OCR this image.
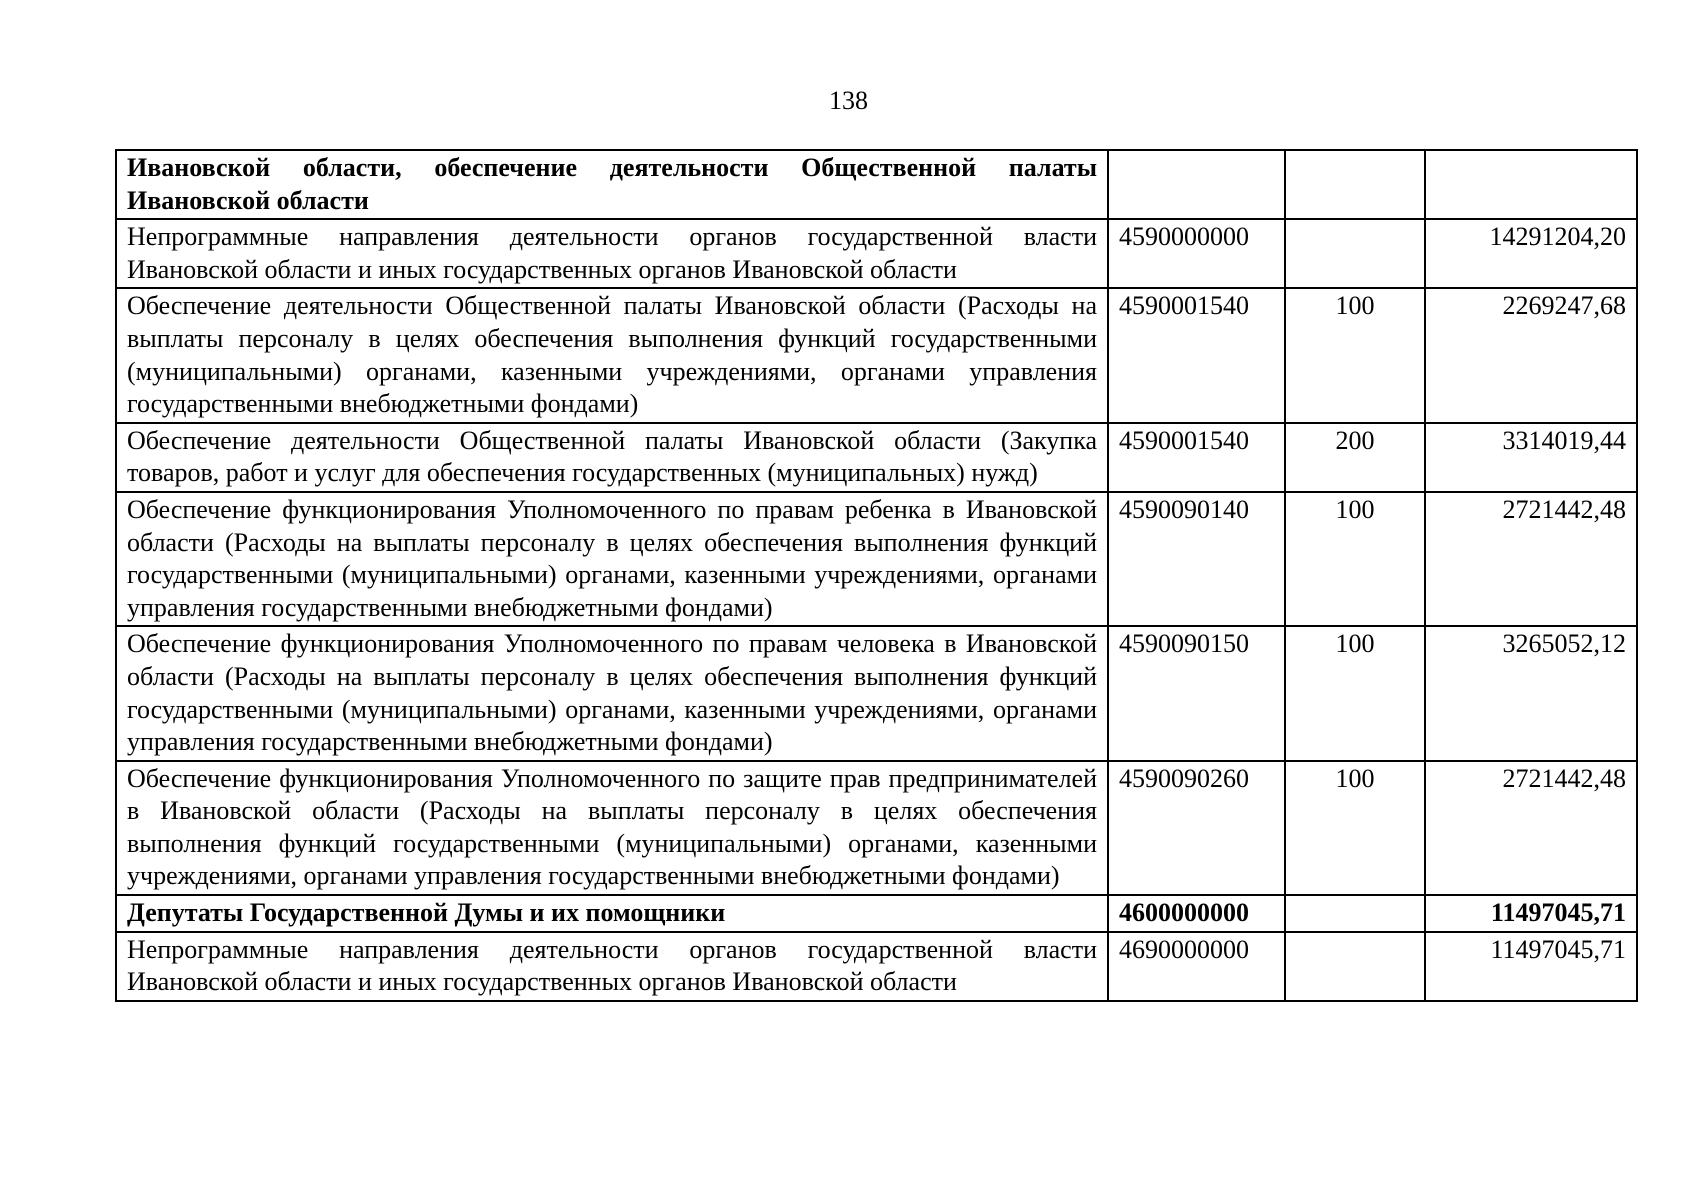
138
Ивановской области, обеспечение деятельности Общественной палаты Ивановской области			
Непрограммные направления деятельности органов государственной власти Ивановской области и иных государственных органов Ивановской области	4590000000		14291204,20
Обеспечение деятельности Общественной палаты Ивановской области (Расходы на выплаты персоналу в целях обеспечения выполнения функций государственными (муниципальными) органами, казенными учреждениями, органами управления государственными внебюджетными фондами)	4590001540	100	2269247,68
Обеспечение деятельности Общественной палаты Ивановской области (Закупка товаров, работ и услуг для обеспечения государственных (муниципальных) нужд)	4590001540	200	3314019,44
Обеспечение функционирования Уполномоченного по правам ребенка в Ивановской области (Расходы на выплаты персоналу в целях обеспечения выполнения функций государственными (муниципальными) органами, казенными учреждениями, органами управления государственными внебюджетными фондами)	4590090140	100	2721442,48
Обеспечение функционирования Уполномоченного по правам человека в Ивановской области (Расходы на выплаты персоналу в целях обеспечения выполнения функций государственными (муниципальными) органами, казенными учреждениями, органами управления государственными внебюджетными фондами)	4590090150	100	3265052,12
Обеспечение функционирования Уполномоченного по защите прав предпринимателей в Ивановской области (Расходы на выплаты персоналу в целях обеспечения выполнения функций государственными (муниципальными) органами, казенными учреждениями, органами управления государственными внебюджетными фондами)	4590090260	100	2721442,48
Депутаты Государственной Думы и их помощники	4600000000		11497045,71
Непрограммные направления деятельности органов государственной власти Ивановской области и иных государственных органов Ивановской области	4690000000		11497045,71
